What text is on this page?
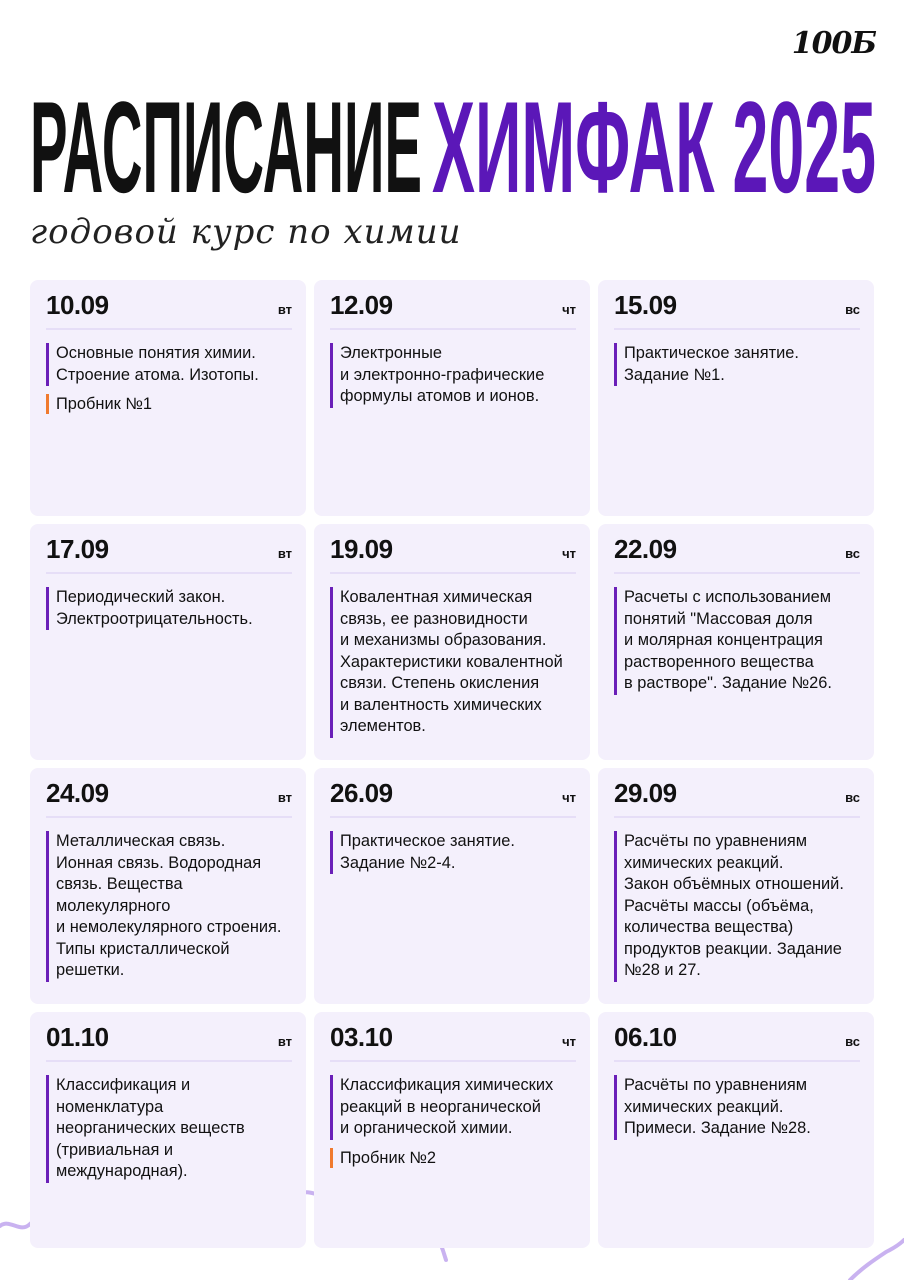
100Б
РАСПИСАНИЕ ХИМФАК 2025
годовой курс по химии
10.09	вт
Основные понятия химии.
Строение атома. Изотопы.
Пробник №1
12.09	чт
Электронные
и электронно-графические
формулы атомов и ионов.
15.09	вс
Практическое занятие.
Задание №1.
17.09	вт
Периодический закон.
Электроотрицательность.
19.09	чт
Ковалентная химическая
связь, ее разновидности
и механизмы образования.
Характеристики ковалентной
связи. Степень окисления
и валентность химических
элементов.
22.09	вс
Расчеты с использованием
понятий "Массовая доля
и молярная концентрация
растворенного вещества
в растворе". Задание №26.
24.09	вт
Металлическая связь.
Ионная связь. Водородная
связь. Вещества
молекулярного
и немолекулярного строения.
Типы кристаллической
решетки.
26.09	чт
Практическое занятие.
Задание №2-4.
29.09	вс
Расчёты по уравнениям
химических реакций.
Закон объёмных отношений.
Расчёты массы (объёма,
количества вещества)
продуктов реакции. Задание
№28 и 27.
01.10	вт
Классификация и
номенклатура
неорганических веществ
(тривиальная и
международная).
03.10	чт
Классификация химических
реакций в неорганической
и органической химии.
Пробник №2
06.10	вс
Расчёты по уравнениям
химических реакций.
Примеси. Задание №28.
